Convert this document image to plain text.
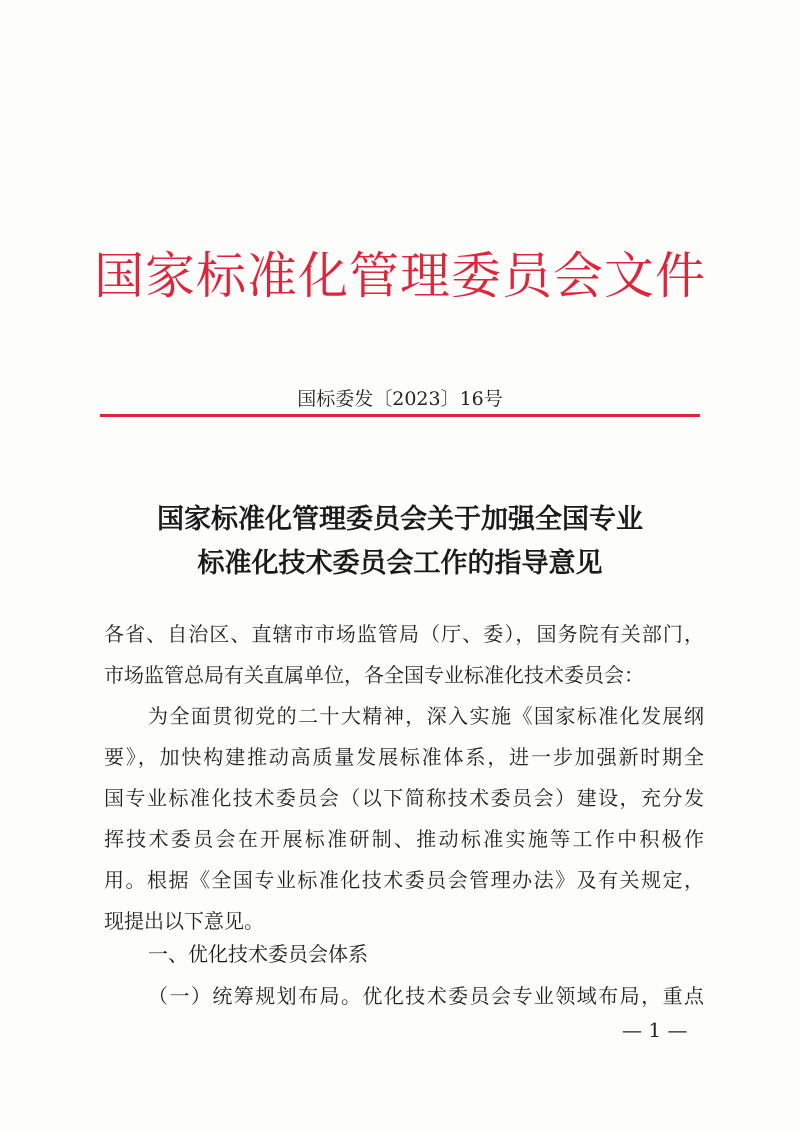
国家标准化管理委员会文件
国标委发〔2023〕16号
国家标准化管理委员会关于加强全国专业
标准化技术委员会工作的指导意见
各省、自治区、直辖市市场监管局（厅、委），国务院有关部门，
市场监管总局有关直属单位，各全国专业标准化技术委员会：
为全面贯彻党的二十大精神，深入实施《国家标准化发展纲
要》，加快构建推动高质量发展标准体系，进一步加强新时期全
国专业标准化技术委员会（以下简称技术委员会）建设，充分发
挥技术委员会在开展标准研制、推动标准实施等工作中积极作
用。根据《全国专业标准化技术委员会管理办法》及有关规定，
现提出以下意见。
一、优化技术委员会体系
（一）统筹规划布局。优化技术委员会专业领域布局，重点
— 1 —
